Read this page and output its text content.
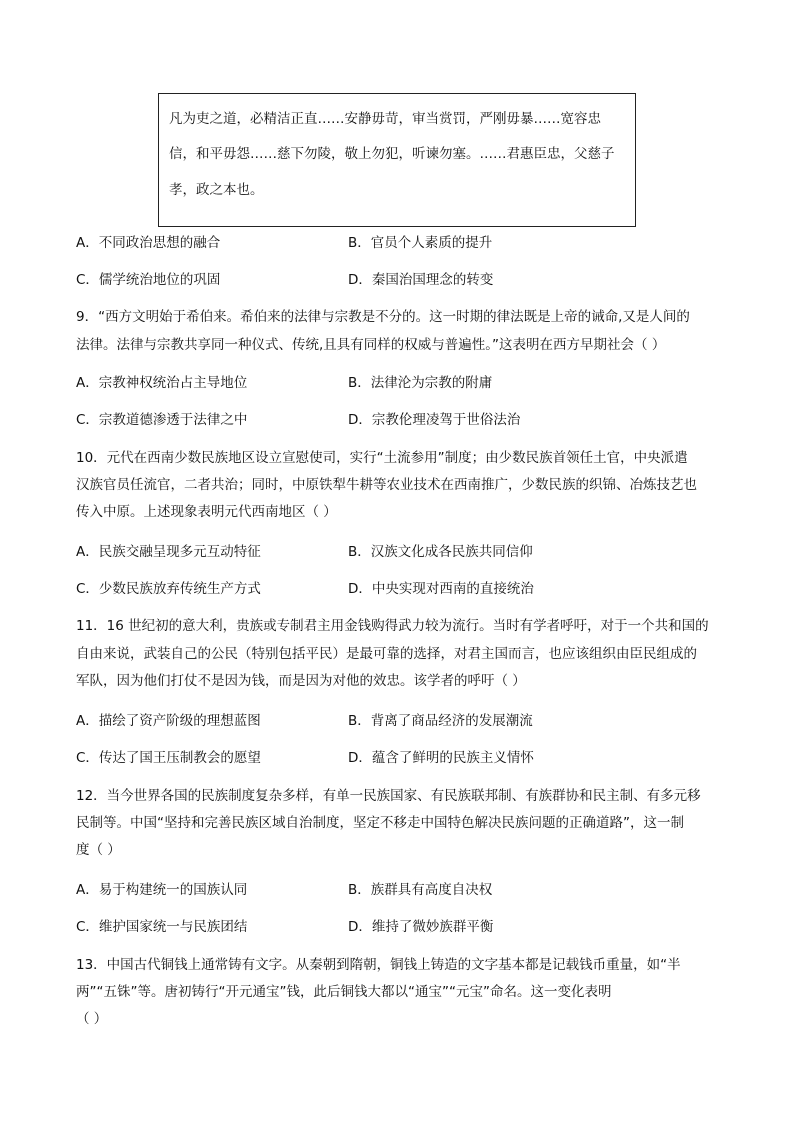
凡为吏之道，必精洁正直……安静毋苛，审当赏罚，严刚毋暴……宽容忠
信，和平毋怨……慈下勿陵，敬上勿犯，听谏勿塞。……君惠臣忠，父慈子
孝，政之本也。
A．不同政治思想的融合	B．官员个人素质的提升
C．儒学统治地位的巩固	D．秦国治国理念的转变
9．“西方文明始于希伯来。希伯来的法律与宗教是不分的。这一时期的律法既是上帝的诫命,又是人间的
法律。法律与宗教共享同一种仪式、传统,且具有同样的权威与普遍性。”这表明在西方早期社会（ ）
A．宗教神权统治占主导地位	B．法律沦为宗教的附庸
C．宗教道德渗透于法律之中	D．宗教伦理凌驾于世俗法治
10．元代在西南少数民族地区设立宣慰使司，实行“土流参用”制度；由少数民族首领任土官，中央派遣
汉族官员任流官，二者共治；同时，中原铁犁牛耕等农业技术在西南推广，少数民族的织锦、冶炼技艺也
传入中原。上述现象表明元代西南地区（ ）
A．民族交融呈现多元互动特征	B．汉族文化成各民族共同信仰
C．少数民族放弃传统生产方式	D．中央实现对西南的直接统治
11．16 世纪初的意大利，贵族或专制君主用金钱购得武力较为流行。当时有学者呼吁，对于一个共和国的
自由来说，武装自己的公民（特别包括平民）是最可靠的选择，对君主国而言，也应该组织由臣民组成的
军队，因为他们打仗不是因为钱，而是因为对他的效忠。该学者的呼吁（ ）
A．描绘了资产阶级的理想蓝图	B．背离了商品经济的发展潮流
C．传达了国王压制教会的愿望	D．蕴含了鲜明的民族主义情怀
12．当今世界各国的民族制度复杂多样，有单一民族国家、有民族联邦制、有族群协和民主制、有多元移
民制等。中国“坚持和完善民族区域自治制度，坚定不移走中国特色解决民族问题的正确道路”，这一制
度（ ）
A．易于构建统一的国族认同	B．族群具有高度自决权
C．维护国家统一与民族团结	D．维持了微妙族群平衡
13．中国古代铜钱上通常铸有文字。从秦朝到隋朝，铜钱上铸造的文字基本都是记载钱币重量，如“半
两”“五铢”等。唐初铸行“开元通宝”钱，此后铜钱大都以“通宝”“元宝”命名。这一变化表明
（ ）
